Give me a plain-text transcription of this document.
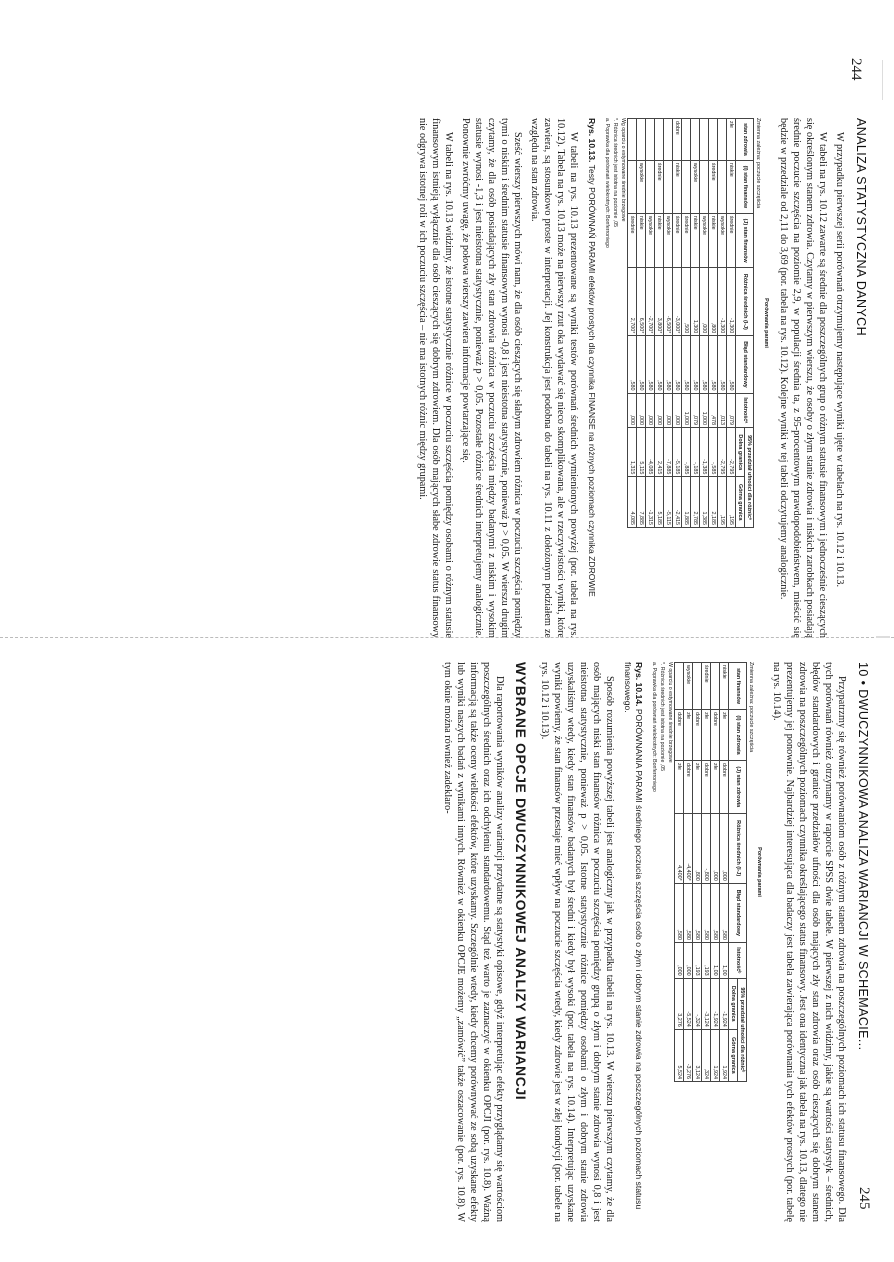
244
ANALIZA STATYSTYCZNA DANYCH

W przypadku pierwszej serii porównań otrzymujemy następujące wyniki ujęte w tabelach na rys. 10.12 i 10.13.

W tabeli na rys. 10.12 zawarte są średnie dla poszczególnych grup o różnym statusie finansowym i jednocześnie cieszących się określonym stanem zdrowia. Czytamy w pierwszym wierszu, że osoby o złym stanie zdrowia i niskich zarobkach posiadają średnie poczucie szczęścia na poziomie 2,9, w populacji średnia ta, z 95-procentowym prawdopodobieństwem, mieścić się będzie w przedziale od 2,11 do 3,69 (por. tabela na rys. 10.12). Kolejne wyniki w tej tabeli odczytujemy analogicznie.

Porównania parami
Zmienna zależna: poczucie szczęścia
stan zdrowia	(I) stan finansów	(J) stan finansów	Różnica średnich (I-J)	Błąd standardowy	Istotnośćᵃ	95% przedział ufności dla różnicᵃ	
						Dolna granica	Górna granica
złe	niskie	średnie	-1,300	,580	,079	-2,795	,195
		wysokie	-1,300	,580	,013	-2,795	,195
	średnie	niskie	,800	,580	,478	-,585	2,185
		wysokie	,000	,580	1,000	-1,385	1,385
	wysokie	niskie	1,300	,580	,079	-,185	2,785
		średnie	,500	,580	1,000	-,885	1,885
dobre	niskie	średnie	-3,000*	,580	,000	-5,185	-2,415
		wysokie	-6,500*	,580	,000	-7,885	-5,115
	średnie	niskie	3,800*	,580	,000	2,415	5,185
		wysokie	-2,700*	,580	,000	-4,085	-1,315
	wysokie	niskie	6,500*	,580	,000	5,115	7,885
		średnie	2,700*	,580	,000	1,315	4,085
Wg oparciu o estymowane średnie brzegowe
*. Różnica średnich jest istotna na poziomie ,05
a. Poprawka dla porównań wielokrotnych: Bonferroniego
Rys. 10.13. Testy PORÓWNAŃ PARAMI efektów prostych dla czynnika FINANSE na różnych poziomach czynnika ZDROWIE

W tabeli na rys. 10.13 prezentowane są wyniki testów porównań średnich wymienionych powyżej (por. tabela na rys. 10.12). Tabela na rys. 10.13 może na pierwszy rzut oka wydawać się nieco skomplikowana, ale w rzeczywistości wyniki, które zawiera, są stosunkowo proste w interpretacji. Jej konstrukcja jest podobna do tabeli na rys. 10.11 z dołożonym podziałem ze względu na stan zdrowia.

Sześć wierszy pierwszych mówi nam, że dla osób cieszących się słabym zdrowiem różnica w poczuciu szczęścia pomiędzy tymi o niskim i średnim statusie finansowym wynosi -0,8 i jest nieistotna statystycznie, ponieważ p > 0,05. W wierszu drugim czytamy, że dla osób posiadających zły stan zdrowia różnica w poczuciu szczęścia między badanymi z niskim i wysokim statusie wynosi -1,3 i jest nieistotna statystycznie, ponieważ p > 0,05. Pozostałe różnice średnich interpretujemy analogicznie. Ponownie zwróćmy uwagę, że połowa wierszy zawiera informacje powtarzające się.

W tabeli na rys. 10.13 widzimy, że istotne statystycznie różnice w poczuciu szczęścia pomiędzy osobami o różnym statusie finansowym istnieją wyłącznie dla osób cieszących się dobrym zdrowiem. Dla osób mających słabe zdrowie status finansowy nie odgrywa istotnej roli w ich poczuciu szczęścia – nie ma istotnych różnic między grupami.

10 • DWUCZYNNIKOWA ANALIZA WARIANCJI W SCHEMACIE...
245

Przypatrzmy się również porównaniom osób z różnym stanem zdrowia na poszczególnych poziomach ich statusu finansowego. Dla tych porównań również otrzymamy w raporcie SPSS dwie tabele. W pierwszej z nich widzimy, jakie są wartości statystyk – średnich, błędów standardowych i granice przedziałów ufności dla osób mających zły stan zdrowia oraz osób cieszących się dobrym stanem zdrowia na poszczególnych poziomach czynnika określającego status finansowy. Jest ona identyczna jak tabela na rys. 10.13, dlatego nie prezentujemy jej ponownie. Najbardziej interesująca dla badaczy jest tabela zawierająca porównania tych efektów prostych (por. tabelę na rys. 10.14).

Porównania parami
Zmienna zależna: poczucie szczęścia
stan finansów	(I) stan zdrowia	(J) stan zdrowia	Różnica średnich (I-J)	Błąd standardowy	Istotnośćᵇ	95% przedział ufności dla różnicᵇ	
						Dolna granica	Górna granica
niskie	złe	dobre	,000	,580	1,00	-1,924	1,924
	dobre	złe	,000	,580	1,00	-1,924	1,924
średnie	złe	dobre	-,800	,580	,193	-3,124	,324
	dobre	złe	,800	,580	,193	-,324	3,124
wysokie	złe	dobre	-4,400*	,580	,000	-5,524	-3,276
	dobre	złe	4,400*	,580	,000	3,276	5,524
W oparciu o estymowane średnie brzegowe
*. Różnica średnich jest istotna na poziomie ,05
a. Poprawka dla porównań wielokrotnych: Bonferroniego
Rys. 10.14. PORÓWNANIA PARAMI średniego poczucia szczęścia osób o złym i dobrym stanie zdrowia na poszczególnych poziomach statusu finansowego.

Sposób rozumienia powyższej tabeli jest analogiczny jak w przypadku tabeli na rys. 10.13. W wierszu pierwszym czytamy, że dla osób mających niski stan finansów różnica w poczuciu szczęścia pomiędzy grupą o złym i dobrym stanie zdrowia wynosi 0,8 i jest nieistotna statystycznie, ponieważ p > 0,05. Istotne statystycznie różnice pomiędzy osobami o złym i dobrym stanie zdrowia uzyskaliśmy wtedy, kiedy stan finansów badanych był średni i kiedy był wysoki (por. tabela na rys. 10.14). Interpretując uzyskane wyniki powiemy, że stan finansów przestaje mieć wpływ na poczucie szczęścia wtedy, kiedy zdrowie jest w złej kondycji (por. tabele na rys. 10.12 i 10.13).

WYBRANE OPCJE DWUCZYNNIKOWEJ ANALIZY WARIANCJI

Dla raportowania wyników analizy wariancji przydatne są statystyki opisowe, gdyż interpretując efekty przyglądamy się wartościom poszczególnych średnich oraz ich odchyleniu standardowemu. Stąd też warto je zaznaczyć w okienku OPCJI (por. rys. 10.8). Ważną informacją są także oceny wielkości efektów, które uzyskamy. Szczególnie wtedy, kiedy chcemy porównywać ze sobą uzyskane efekty lub wyniki naszych badań z wynikami innych. Również w okienku OPCJE możemy „zamówić” także oszacowanie (por. rys. 10.8). W tym oknie można również zadeklaro-
